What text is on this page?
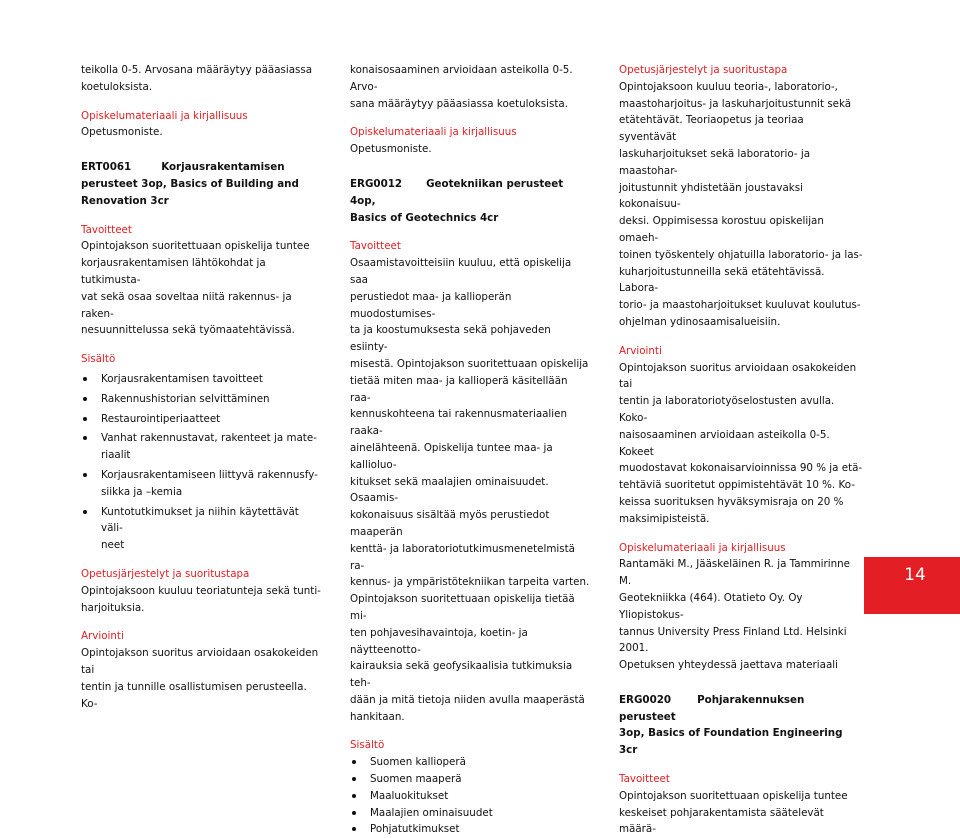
teikolla 0-5. Arvosana määräytyy pääasiassa

koetuloksista.

Opiskelumateriaali ja kirjallisuus

Opetusmoniste.

ERT0061	Korjausrakentamisen

perusteet 3op, Basics of Building and

Renovation 3cr

Tavoitteet

Opintojakson suoritettuaan opiskelija tuntee

korjausrakentamisen lähtökohdat ja tutkimusta-

vat sekä osaa soveltaa niitä rakennus- ja raken-

nesuunnittelussa sekä työmaatehtävissä.

Sisältö

Korjausrakentamisen tavoitteet
Rakennushistorian selvittäminen
Restaurointiperiaatteet
Vanhat rakennustavat, rakenteet ja mate-
riaalit
Korjausrakentamiseen liittyvä rakennusfy-
siikka ja –kemia
Kuntotutkimukset ja niihin käytettävät väli-
neet

Opetusjärjestelyt ja suoritustapa

Opintojaksoon kuuluu teoriatunteja sekä tunti-

harjoituksia.

Arviointi

Opintojakson suoritus arvioidaan osakokeiden tai

tentin ja tunnille osallistumisen perusteella. Ko-

konaisosaaminen arvioidaan asteikolla 0-5. Arvo-

sana määräytyy pääasiassa koetuloksista.

Opiskelumateriaali ja kirjallisuus

Opetusmoniste.

ERG0012 Geotekniikan perusteet 4op,

Basics of Geotechnics 4cr

Tavoitteet

Osaamistavoitteisiin kuuluu, että opiskelija saa

perustiedot maa- ja kallioperän muodostumises-

ta ja koostumuksesta sekä pohjaveden esiinty-

misestä. Opintojakson suoritettuaan opiskelija

tietää miten maa- ja kallioperä käsitellään raa-

kennuskohteena tai rakennusmateriaalien raaka-

ainelähteenä. Opiskelija tuntee maa- ja kallioluo-

kitukset sekä maalajien ominaisuudet. Osaamis-

kokonaisuus sisältää myös perustiedot maaperän

kenttä- ja laboratoriotutkimusmenetelmistä ra-

kennus- ja ympäristötekniikan tarpeita varten.

Opintojakson suoritettuaan opiskelija tietää mi-

ten pohjavesihavaintoja, koetin- ja näytteenotto-

kairauksia sekä geofysikaalisia tutkimuksia teh-

dään ja mitä tietoja niiden avulla maaperästä

hankitaan.

Sisältö

Suomen kallioperä
Suomen maaperä
Maaluokitukset
Maalajien ominaisuudet
Pohjatutkimukset

Opetusjärjestelyt ja suoritustapa

Opintojaksoon kuuluu teoria-, laboratorio-,

maastoharjoitus- ja laskuharjoitustunnit sekä

etätehtävät. Teoriaopetus ja teoriaa syventävät

laskuharjoitukset sekä laboratorio- ja maastohar-

joitustunnit yhdistetään joustavaksi kokonaisuu-

deksi. Oppimisessa korostuu opiskelijan omaeh-

toinen työskentely ohjatuilla laboratorio- ja las-

kuharjoitustunneilla sekä etätehtävissä. Labora-

torio- ja maastoharjoitukset kuuluvat koulutus-

ohjelman ydinosaamisalueisiin.

Arviointi

Opintojakson suoritus arvioidaan osakokeiden tai

tentin ja laboratoriotyöselostusten avulla. Koko-

naisosaaminen arvioidaan asteikolla 0-5. Kokeet

muodostavat kokonaisarvioinnissa 90 % ja etä-

tehtäviä suoritetut oppimistehtävät 10 %. Ko-

keissa suorituksen hyväksymisraja on 20 %

maksimipisteistä.

Opiskelumateriaali ja kirjallisuus

Rantamäki M., Jääskeläinen R. ja Tammirinne M.

Geotekniikka (464). Otatieto Oy. Oy Yliopistokus-

tannus University Press Finland Ltd. Helsinki

2001.

Opetuksen yhteydessä jaettava materiaali

ERG0020	Pohjarakennuksen perusteet

3op, Basics of Foundation Engineering 3cr

Tavoitteet

Opintojakson suoritettuaan opiskelija tuntee

keskeiset pohjarakentamista säätelevät määrä-

14
